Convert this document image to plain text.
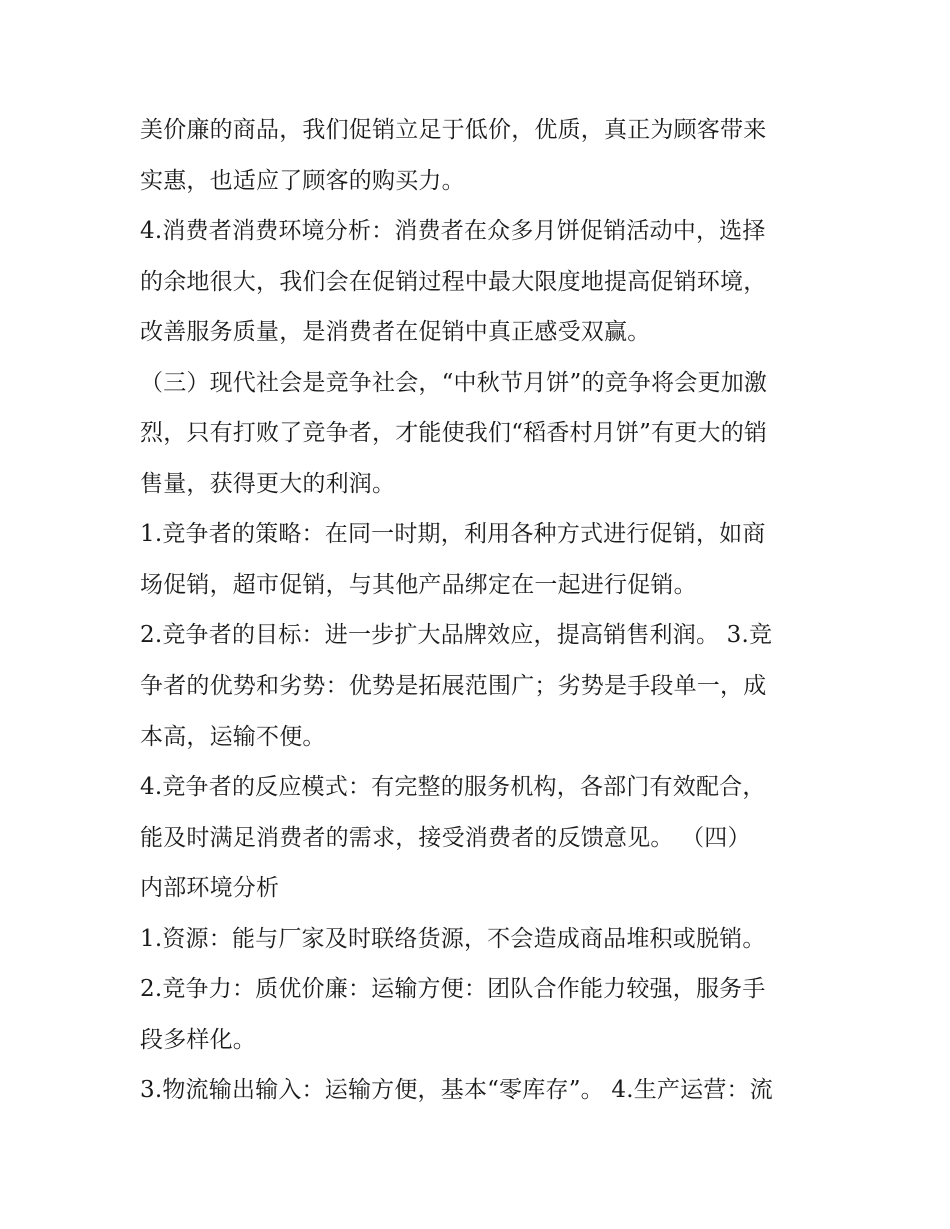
美价廉的商品，我们促销立足于低价，优质，真正为顾客带来
实惠，也适应了顾客的购买力。
4.消费者消费环境分析：消费者在众多月饼促销活动中，选择
的余地很大，我们会在促销过程中最大限度地提高促销环境，
改善服务质量，是消费者在促销中真正感受双赢。
（三）现代社会是竞争社会，“中秋节月饼”的竞争将会更加激
烈，只有打败了竞争者，才能使我们“稻香村月饼”有更大的销
售量，获得更大的利润。
1.竞争者的策略：在同一时期，利用各种方式进行促销，如商
场促销，超市促销，与其他产品绑定在一起进行促销。
2.竞争者的目标：进一步扩大品牌效应，提高销售利润。 3.竞
争者的优势和劣势：优势是拓展范围广；劣势是手段单一，成
本高，运输不便。
4.竞争者的反应模式：有完整的服务机构，各部门有效配合，
能及时满足消费者的需求，接受消费者的反馈意见。 （四）
内部环境分析
1.资源：能与厂家及时联络货源，不会造成商品堆积或脱销。
2.竞争力：质优价廉：运输方便：团队合作能力较强，服务手
段多样化。
3.物流输出输入：运输方便，基本“零库存”。 4.生产运营：流
